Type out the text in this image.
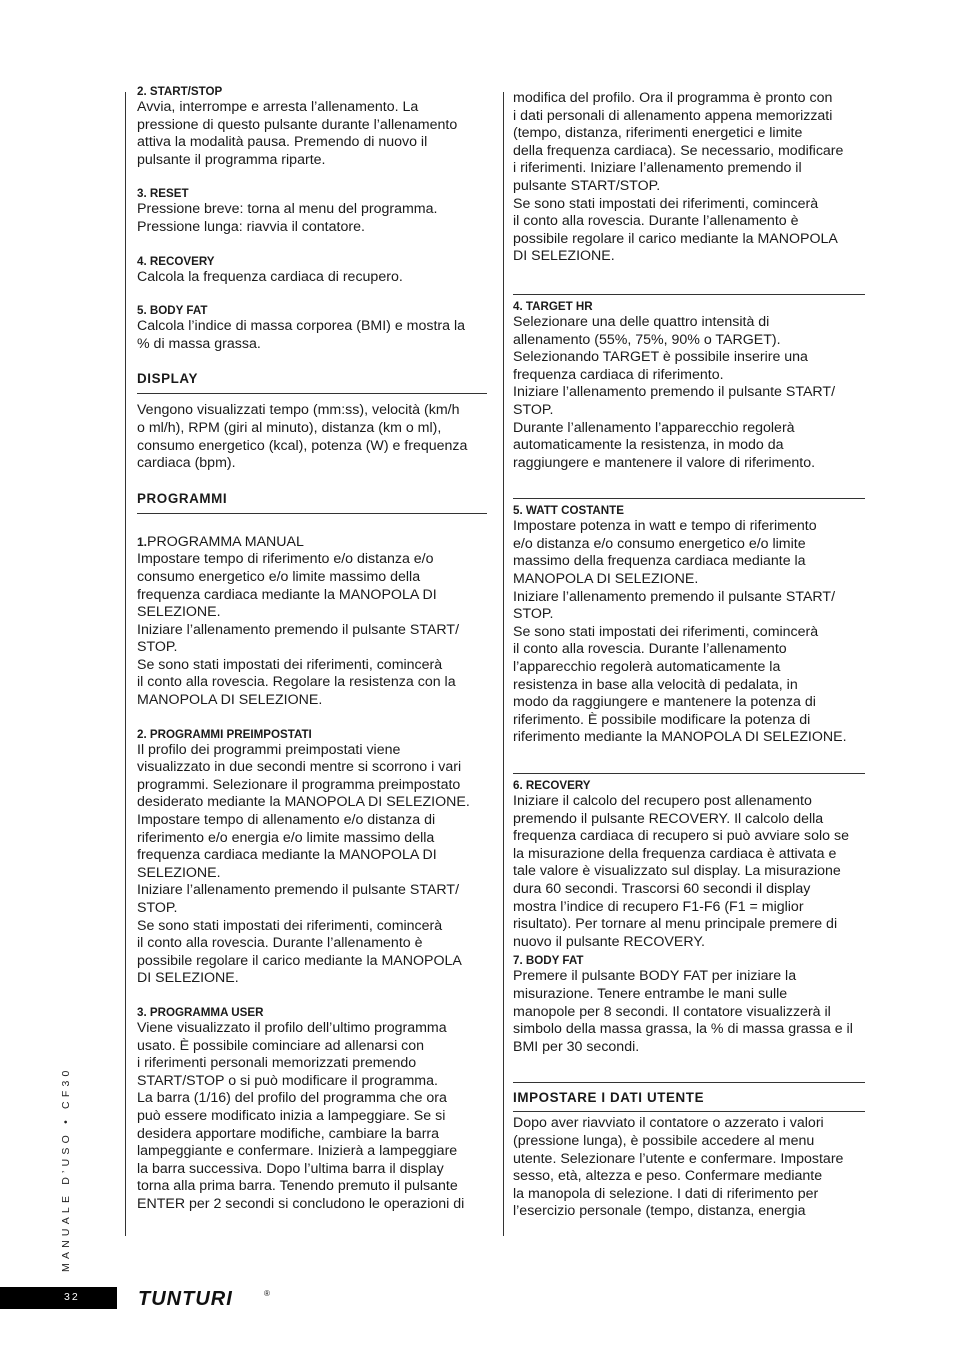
2. START/STOP

Avvia, interrompe e arresta l’allenamento. La
pressione di questo pulsante durante l’allenamento
attiva la modalità pausa. Premendo di nuovo il
pulsante il programma riparte.

3. RESET

Pressione breve: torna al menu del programma.
Pressione lunga: riavvia il contatore.

4. RECOVERY

Calcola la frequenza cardiaca di recupero.

5. BODY FAT

Calcola l’indice di massa corporea (BMI) e mostra la
% di massa grassa.

DISPLAY

Vengono visualizzati tempo (mm:ss), velocità (km/h
o ml/h), RPM (giri al minuto), distanza (km o ml),
consumo energetico (kcal), potenza (W) e frequenza
cardiaca (bpm).

PROGRAMMI

1.PROGRAMMA MANUAL

Impostare tempo di riferimento e/o distanza e/o
consumo energetico e/o limite massimo della
frequenza cardiaca mediante la MANOPOLA DI
SELEZIONE.
Iniziare l’allenamento premendo il pulsante START/
STOP.
Se sono stati impostati dei riferimenti, comincerà
il conto alla rovescia. Regolare la resistenza con la
MANOPOLA DI SELEZIONE.

2. PROGRAMMI PREIMPOSTATI

Il profilo dei programmi preimpostati viene
visualizzato in due secondi mentre si scorrono i vari
programmi. Selezionare il programma preimpostato
desiderato mediante la MANOPOLA DI SELEZIONE.
Impostare tempo di allenamento e/o distanza di
riferimento e/o energia e/o limite massimo della
frequenza cardiaca mediante la MANOPOLA DI
SELEZIONE.
Iniziare l’allenamento premendo il pulsante START/
STOP.
Se sono stati impostati dei riferimenti, comincerà
il conto alla rovescia. Durante l’allenamento è
possibile regolare il carico mediante la MANOPOLA
DI SELEZIONE.

3. PROGRAMMA USER

Viene visualizzato il profilo dell’ultimo programma
usato. È possibile cominciare ad allenarsi con
i riferimenti personali memorizzati premendo
START/STOP o si può modificare il programma.
La barra (1/16) del profilo del programma che ora
può essere modificato inizia a lampeggiare. Se si
desidera apportare modifiche, cambiare la barra
lampeggiante e confermare. Inizierà a lampeggiare
la barra successiva. Dopo l’ultima barra il display
torna alla prima barra. Tenendo premuto il pulsante
ENTER per 2 secondi si concludono le operazioni di

modifica del profilo. Ora il programma è pronto con
i dati personali di allenamento appena memorizzati
(tempo, distanza, riferimenti energetici e limite
della frequenza cardiaca). Se necessario, modificare
i riferimenti. Iniziare l’allenamento premendo il
pulsante START/STOP.
Se sono stati impostati dei riferimenti, comincerà
il conto alla rovescia. Durante l’allenamento è
possibile regolare il carico mediante la MANOPOLA
DI SELEZIONE.

4. TARGET HR

Selezionare una delle quattro intensità di
allenamento (55%, 75%, 90% o TARGET).
Selezionando TARGET è possibile inserire una
frequenza cardiaca di riferimento.
Iniziare l’allenamento premendo il pulsante START/
STOP.
Durante l’allenamento l’apparecchio regolerà
automaticamente la resistenza, in modo da
raggiungere e mantenere il valore di riferimento.

5. WATT COSTANTE

Impostare potenza in watt e tempo di riferimento
e/o distanza e/o consumo energetico e/o limite
massimo della frequenza cardiaca mediante la
MANOPOLA DI SELEZIONE.
Iniziare l’allenamento premendo il pulsante START/
STOP.
Se sono stati impostati dei riferimenti, comincerà
il conto alla rovescia. Durante l’allenamento
l’apparecchio regolerà automaticamente la
resistenza in base alla velocità di pedalata, in
modo da raggiungere e mantenere la potenza di
riferimento. È possibile modificare la potenza di
riferimento mediante la MANOPOLA DI SELEZIONE.

6. RECOVERY

Iniziare il calcolo del recupero post allenamento
premendo il pulsante RECOVERY. Il calcolo della
frequenza cardiaca di recupero si può avviare solo se
la misurazione della frequenza cardiaca è attivata e
tale valore è visualizzato sul display. La misurazione
dura 60 secondi. Trascorsi 60 secondi il display
mostra l’indice di recupero F1-F6 (F1 = miglior
risultato). Per tornare al menu principale premere di
nuovo il pulsante RECOVERY.

7. BODY FAT

Premere il pulsante BODY FAT per iniziare la
misurazione. Tenere entrambe le mani sulle
manopole per 8 secondi. Il contatore visualizzerà il
simbolo della massa grassa, la % di massa grassa e il
BMI per 30 secondi.

IMPOSTARE I DATI UTENTE

Dopo aver riavviato il contatore o azzerato i valori
(pressione lunga), è possibile accedere al menu
utente. Selezionare l’utente e confermare. Impostare
sesso, età, altezza e peso. Confermare mediante
la manopola di selezione. I dati di riferimento per
l’esercizio personale (tempo, distanza, energia

MANUALE D’USO • CF30
32	TUNTURI	®
